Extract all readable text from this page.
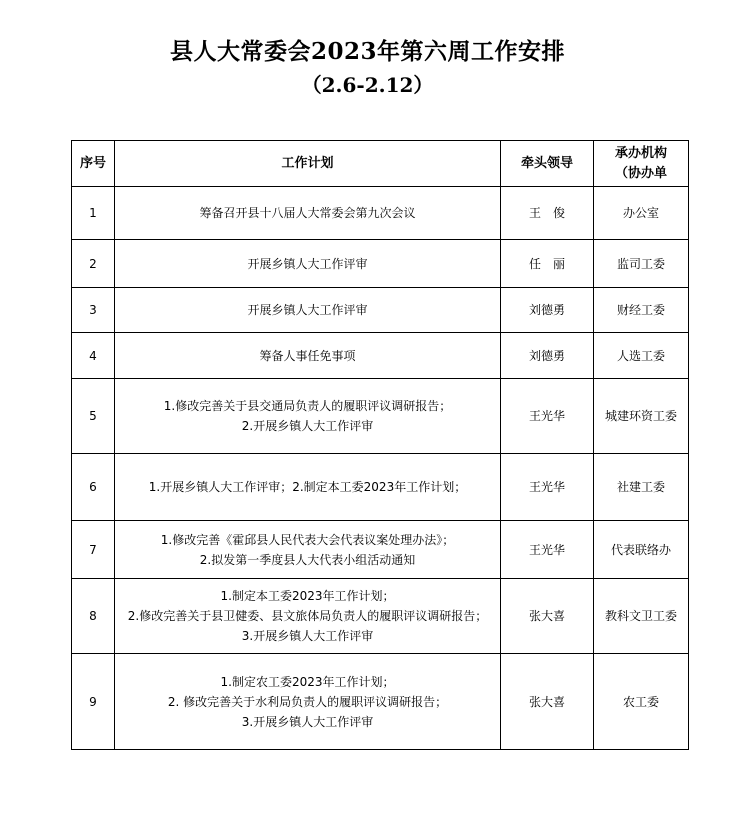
县人大常委会2023年第六周工作安排
（2.6-2.12）
序号	工作计划	牵头领导	承办机构
（协办单

1	筹备召开县十八届人大常委会第九次会议	王　俊	办公室
2	开展乡镇人大工作评审	任　丽	监司工委
3	开展乡镇人大工作评审	刘德勇	财经工委
4	筹备人事任免事项	刘德勇	人选工委
5	1.修改完善关于县交通局负责人的履职评议调研报告；
2.开展乡镇人大工作评审	王光华	城建环资工委
6	1.开展乡镇人大工作评审；2.制定本工委2023年工作计划；	王光华	社建工委
7	1.修改完善《霍邱县人民代表大会代表议案处理办法》；
2.拟发第一季度县人大代表小组活动通知	王光华	代表联络办
8	1.制定本工委2023年工作计划；
2.修改完善关于县卫健委、县文旅体局负责人的履职评议调研报告；
3.开展乡镇人大工作评审	张大喜	教科文卫工委
9	1.制定农工委2023年工作计划；
2. 修改完善关于水利局负责人的履职评议调研报告；
3.开展乡镇人大工作评审	张大喜	农工委
